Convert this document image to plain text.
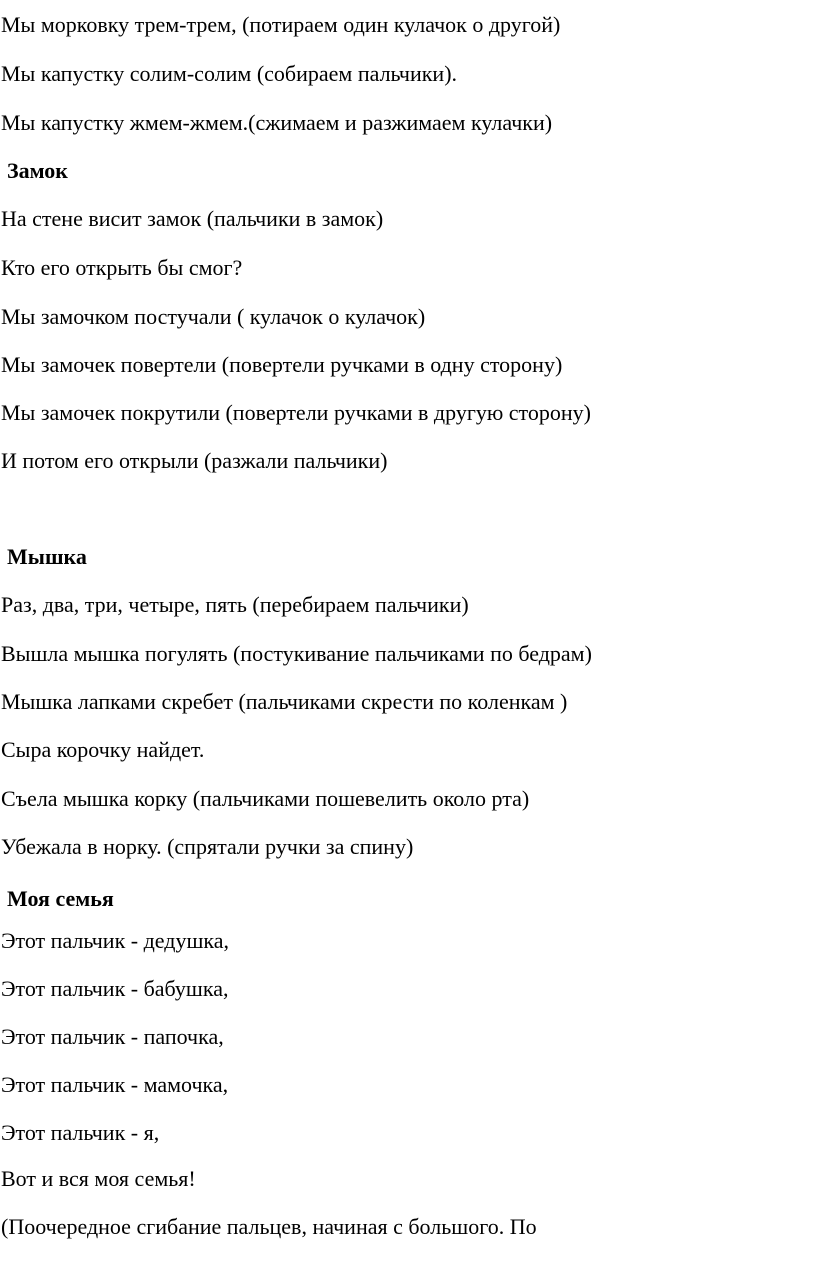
Мы морковку трем-трем, (потираем один кулачок о другой)
Мы капустку солим-солим (собираем пальчики).
Мы капустку жмем-жмем.(сжимаем и разжимаем кулачки)
Замок
На стене висит замок (пальчики в замок)
Кто его открыть бы смог?
Мы замочком постучали ( кулачок о кулачок)
Мы замочек повертели (повертели ручками в одну сторону)
Мы замочек покрутили (повертели ручками в другую сторону)
И потом его открыли (разжали пальчики)
Мышка
Раз, два, три, четыре, пять (перебираем пальчики)
Вышла мышка погулять (постукивание пальчиками по бедрам)
Мышка лапками скребет (пальчиками скрести по коленкам )
Сыра корочку найдет.
Съела мышка корку (пальчиками пошевелить около рта)
Убежала в норку. (спрятали ручки за спину)
Моя семья
Этот пальчик - дедушка,
Этот пальчик - бабушка,
Этот пальчик - папочка,
Этот пальчик - мамочка,
Этот пальчик - я,
Вот и вся моя семья!
(Поочередное сгибание пальцев, начиная с большого. По
